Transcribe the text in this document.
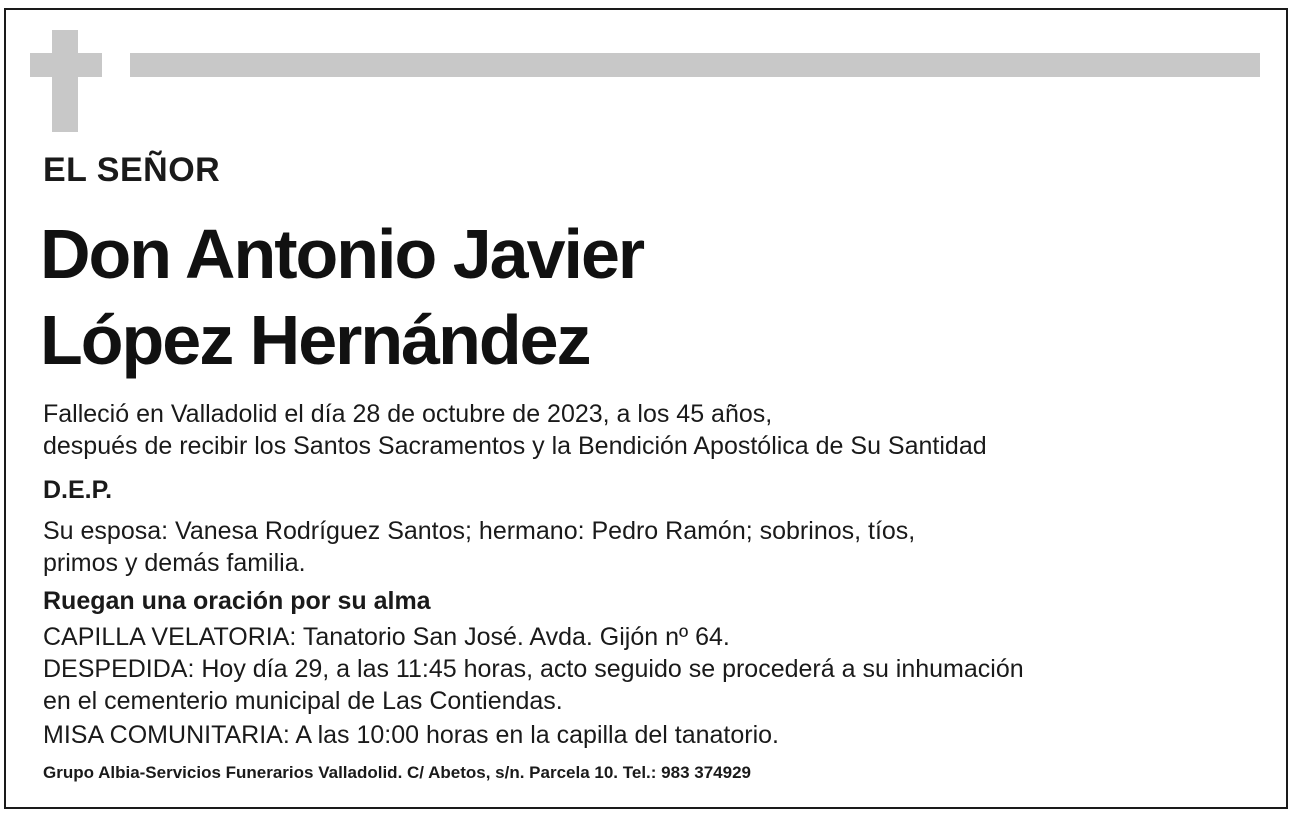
EL SEÑOR
Don Antonio Javier
López Hernández
Falleció en Valladolid el día 28 de octubre de 2023, a los 45 años,
después de recibir los Santos Sacramentos y la Bendición Apostólica de Su Santidad
D.E.P.
Su esposa: Vanesa Rodríguez Santos; hermano: Pedro Ramón; sobrinos, tíos,
primos y demás familia.
Ruegan una oración por su alma
CAPILLA VELATORIA: Tanatorio San José. Avda. Gijón nº 64.
DESPEDIDA: Hoy día 29, a las 11:45 horas, acto seguido se procederá a su inhumación
en el cementerio municipal de Las Contiendas.
MISA COMUNITARIA: A las 10:00 horas en la capilla del tanatorio.
Grupo Albia-Servicios Funerarios Valladolid. C/ Abetos, s/n. Parcela 10. Tel.: 983 374929
